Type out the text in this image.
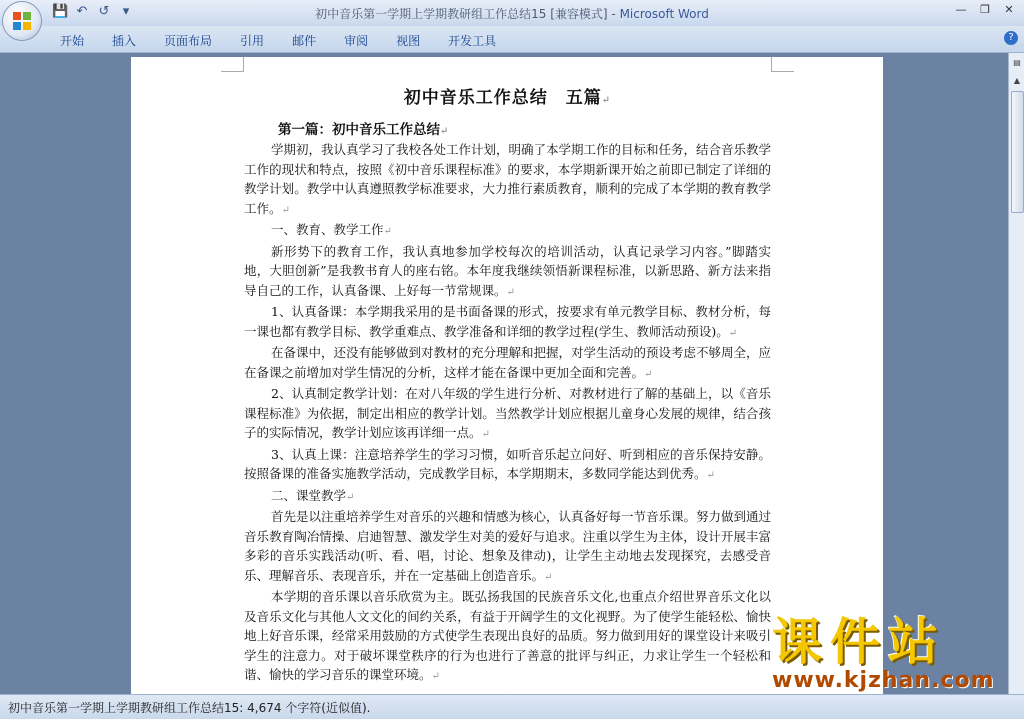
💾 ↶ ↺	▾	初中音乐第一学期上学期教研组工作总结15 [兼容模式] - Microsoft Word	—	❐	✕
开始	插入	页面布局	引用	邮件	审阅	视图	开发工具	?
初中音乐工作总结　五篇↵
第一篇：初中音乐工作总结↵

学期初，我认真学习了我校各处工作计划，明确了本学期工作的目标和任务，结合音乐教学工作的现状和特点，按照《初中音乐课程标准》的要求，本学期新课开始之前即已制定了详细的教学计划。教学中认真遵照教学标准要求，大力推行素质教育，顺利的完成了本学期的教育教学工作。↵

一、教育、教学工作↵

新形势下的教育工作，我认真地参加学校每次的培训活动，认真记录学习内容。”脚踏实地，大胆创新”是我教书育人的座右铭。本年度我继续领悟新课程标准，以新思路、新方法来指导自己的工作，认真备课、上好每一节常规课。↵

1、认真备课：本学期我采用的是书面备课的形式，按要求有单元教学目标、教材分析，每一课也都有教学目标、教学重难点、教学准备和详细的教学过程(学生、教师活动预设)。↵

在备课中，还没有能够做到对教材的充分理解和把握，对学生活动的预设考虑不够周全，应在备课之前增加对学生情况的分析，这样才能在备课中更加全面和完善。↵

2、认真制定教学计划：在对八年级的学生进行分析、对教材进行了解的基础上，以《音乐课程标准》为依据，制定出相应的教学计划。当然教学计划应根据儿童身心发展的规律，结合孩子的实际情况，教学计划应该再详细一点。↵

3、认真上课：注意培养学生的学习习惯，如听音乐起立问好、听到相应的音乐保持安静。按照备课的准备实施教学活动，完成教学目标，本学期期末，多数同学能达到优秀。↵

二、课堂教学↵

首先是以注重培养学生对音乐的兴趣和情感为核心，认真备好每一节音乐课。努力做到通过音乐教育陶冶情操、启迪智慧、激发学生对美的爱好与追求。注重以学生为主体，设计开展丰富多彩的音乐实践活动(听、看、唱，讨论、想象及律动)，让学生主动地去发现探究，去感受音乐、理解音乐、表现音乐，并在一定基础上创造音乐。↵

本学期的音乐课以音乐欣赏为主。既弘扬我国的民族音乐文化,也重点介绍世界音乐文化以及音乐文化与其他人文文化的间约关系，有益于开阔学生的文化视野。为了使学生能轻松、愉快地上好音乐课，经常采用鼓励的方式使学生表现出良好的品质。努力做到用好的课堂设计来吸引学生的注意力。对于破坏课堂秩序的行为也进行了善意的批评与纠正，力求让学生一个轻松和谐、愉快的学习音乐的课堂环境。↵

▤
▲
课件站
www.kjzhan.com
初中音乐第一学期上学期教研组工作总结15: 4,674 个字符(近似值).
